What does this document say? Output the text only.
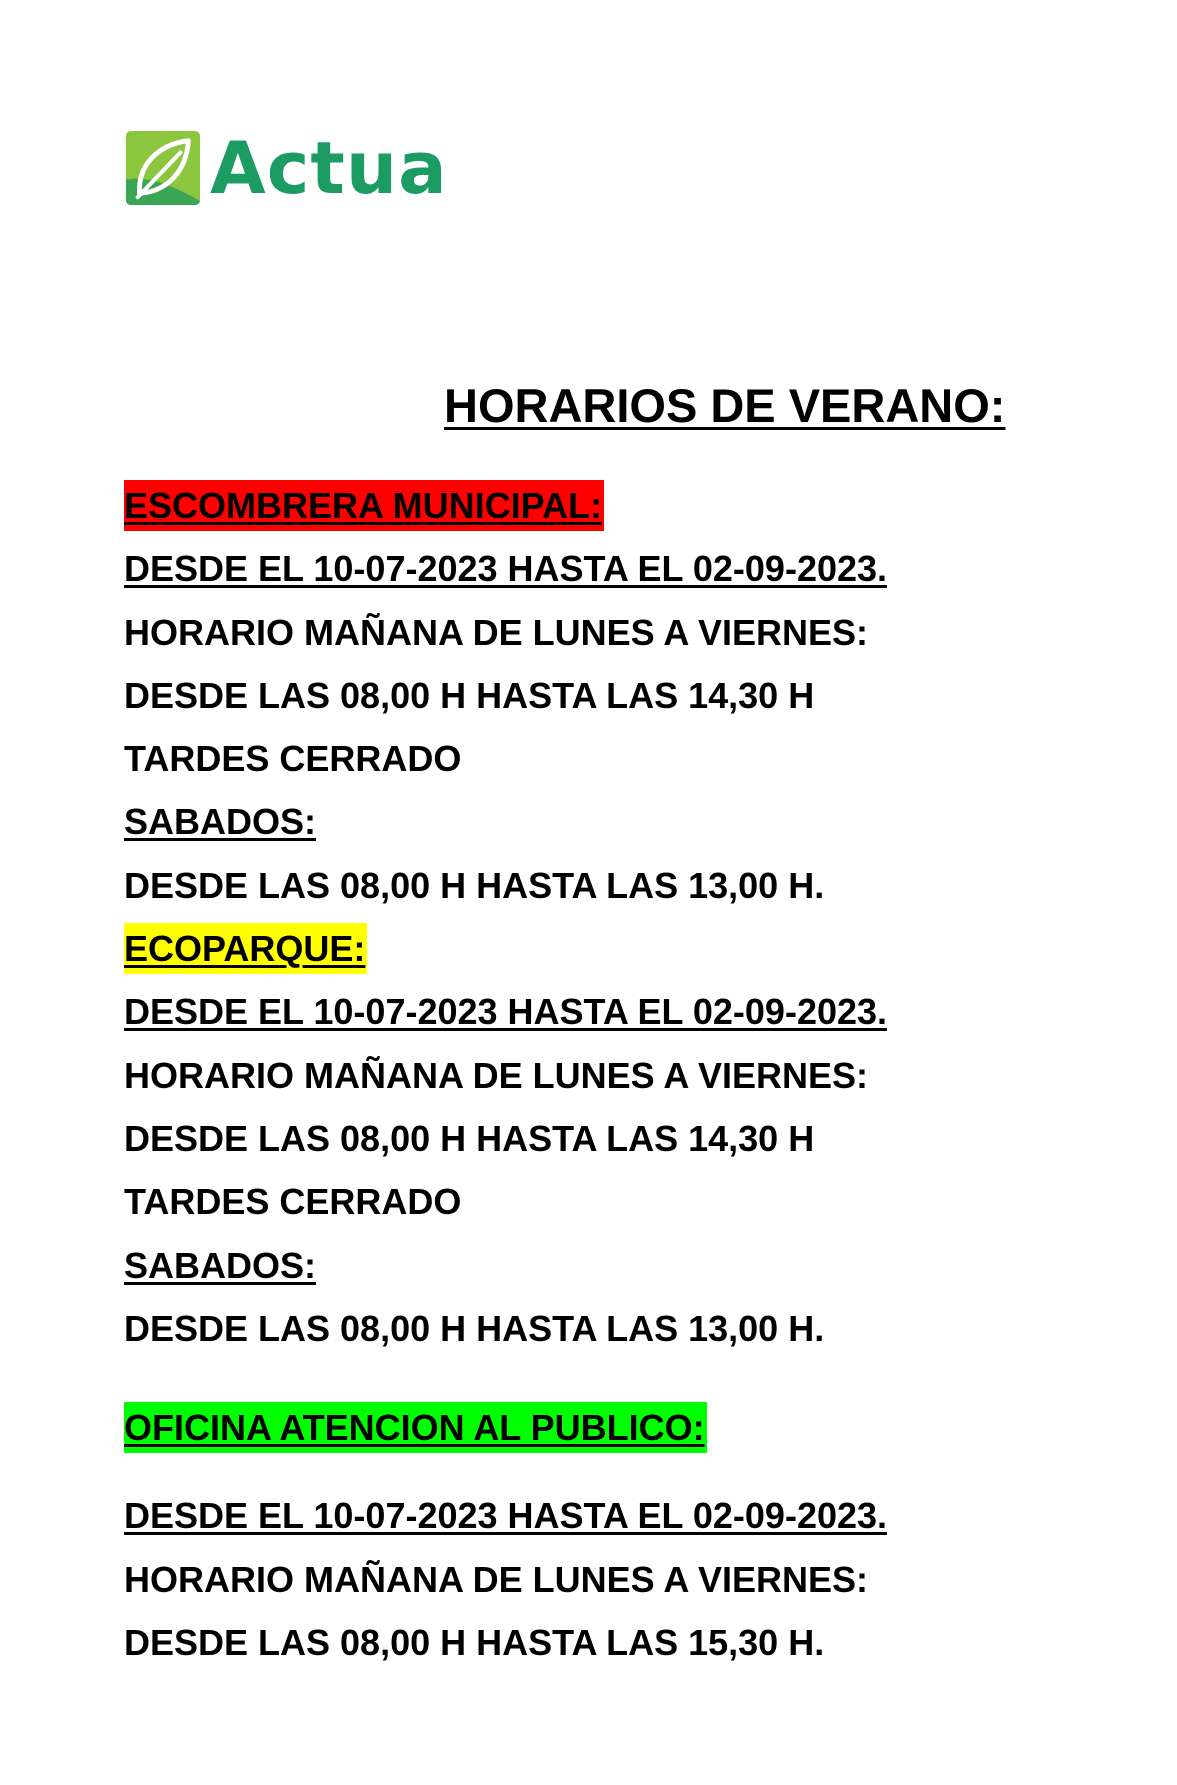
Actua
HORARIOS DE VERANO:
ESCOMBRERA MUNICIPAL:
DESDE EL 10-07-2023 HASTA EL 02-09-2023.
HORARIO MAÑANA DE LUNES A VIERNES:
DESDE LAS 08,00 H HASTA LAS 14,30 H
TARDES CERRADO
SABADOS:
DESDE LAS 08,00 H HASTA LAS 13,00 H.
ECOPARQUE:
DESDE EL 10-07-2023 HASTA EL 02-09-2023.
HORARIO MAÑANA DE LUNES A VIERNES:
DESDE LAS 08,00 H HASTA LAS 14,30 H
TARDES CERRADO
SABADOS:
DESDE LAS 08,00 H HASTA LAS 13,00 H.
OFICINA ATENCION AL PUBLICO:
DESDE EL 10-07-2023 HASTA EL 02-09-2023.
HORARIO MAÑANA DE LUNES A VIERNES:
DESDE LAS 08,00 H HASTA LAS 15,30 H.
